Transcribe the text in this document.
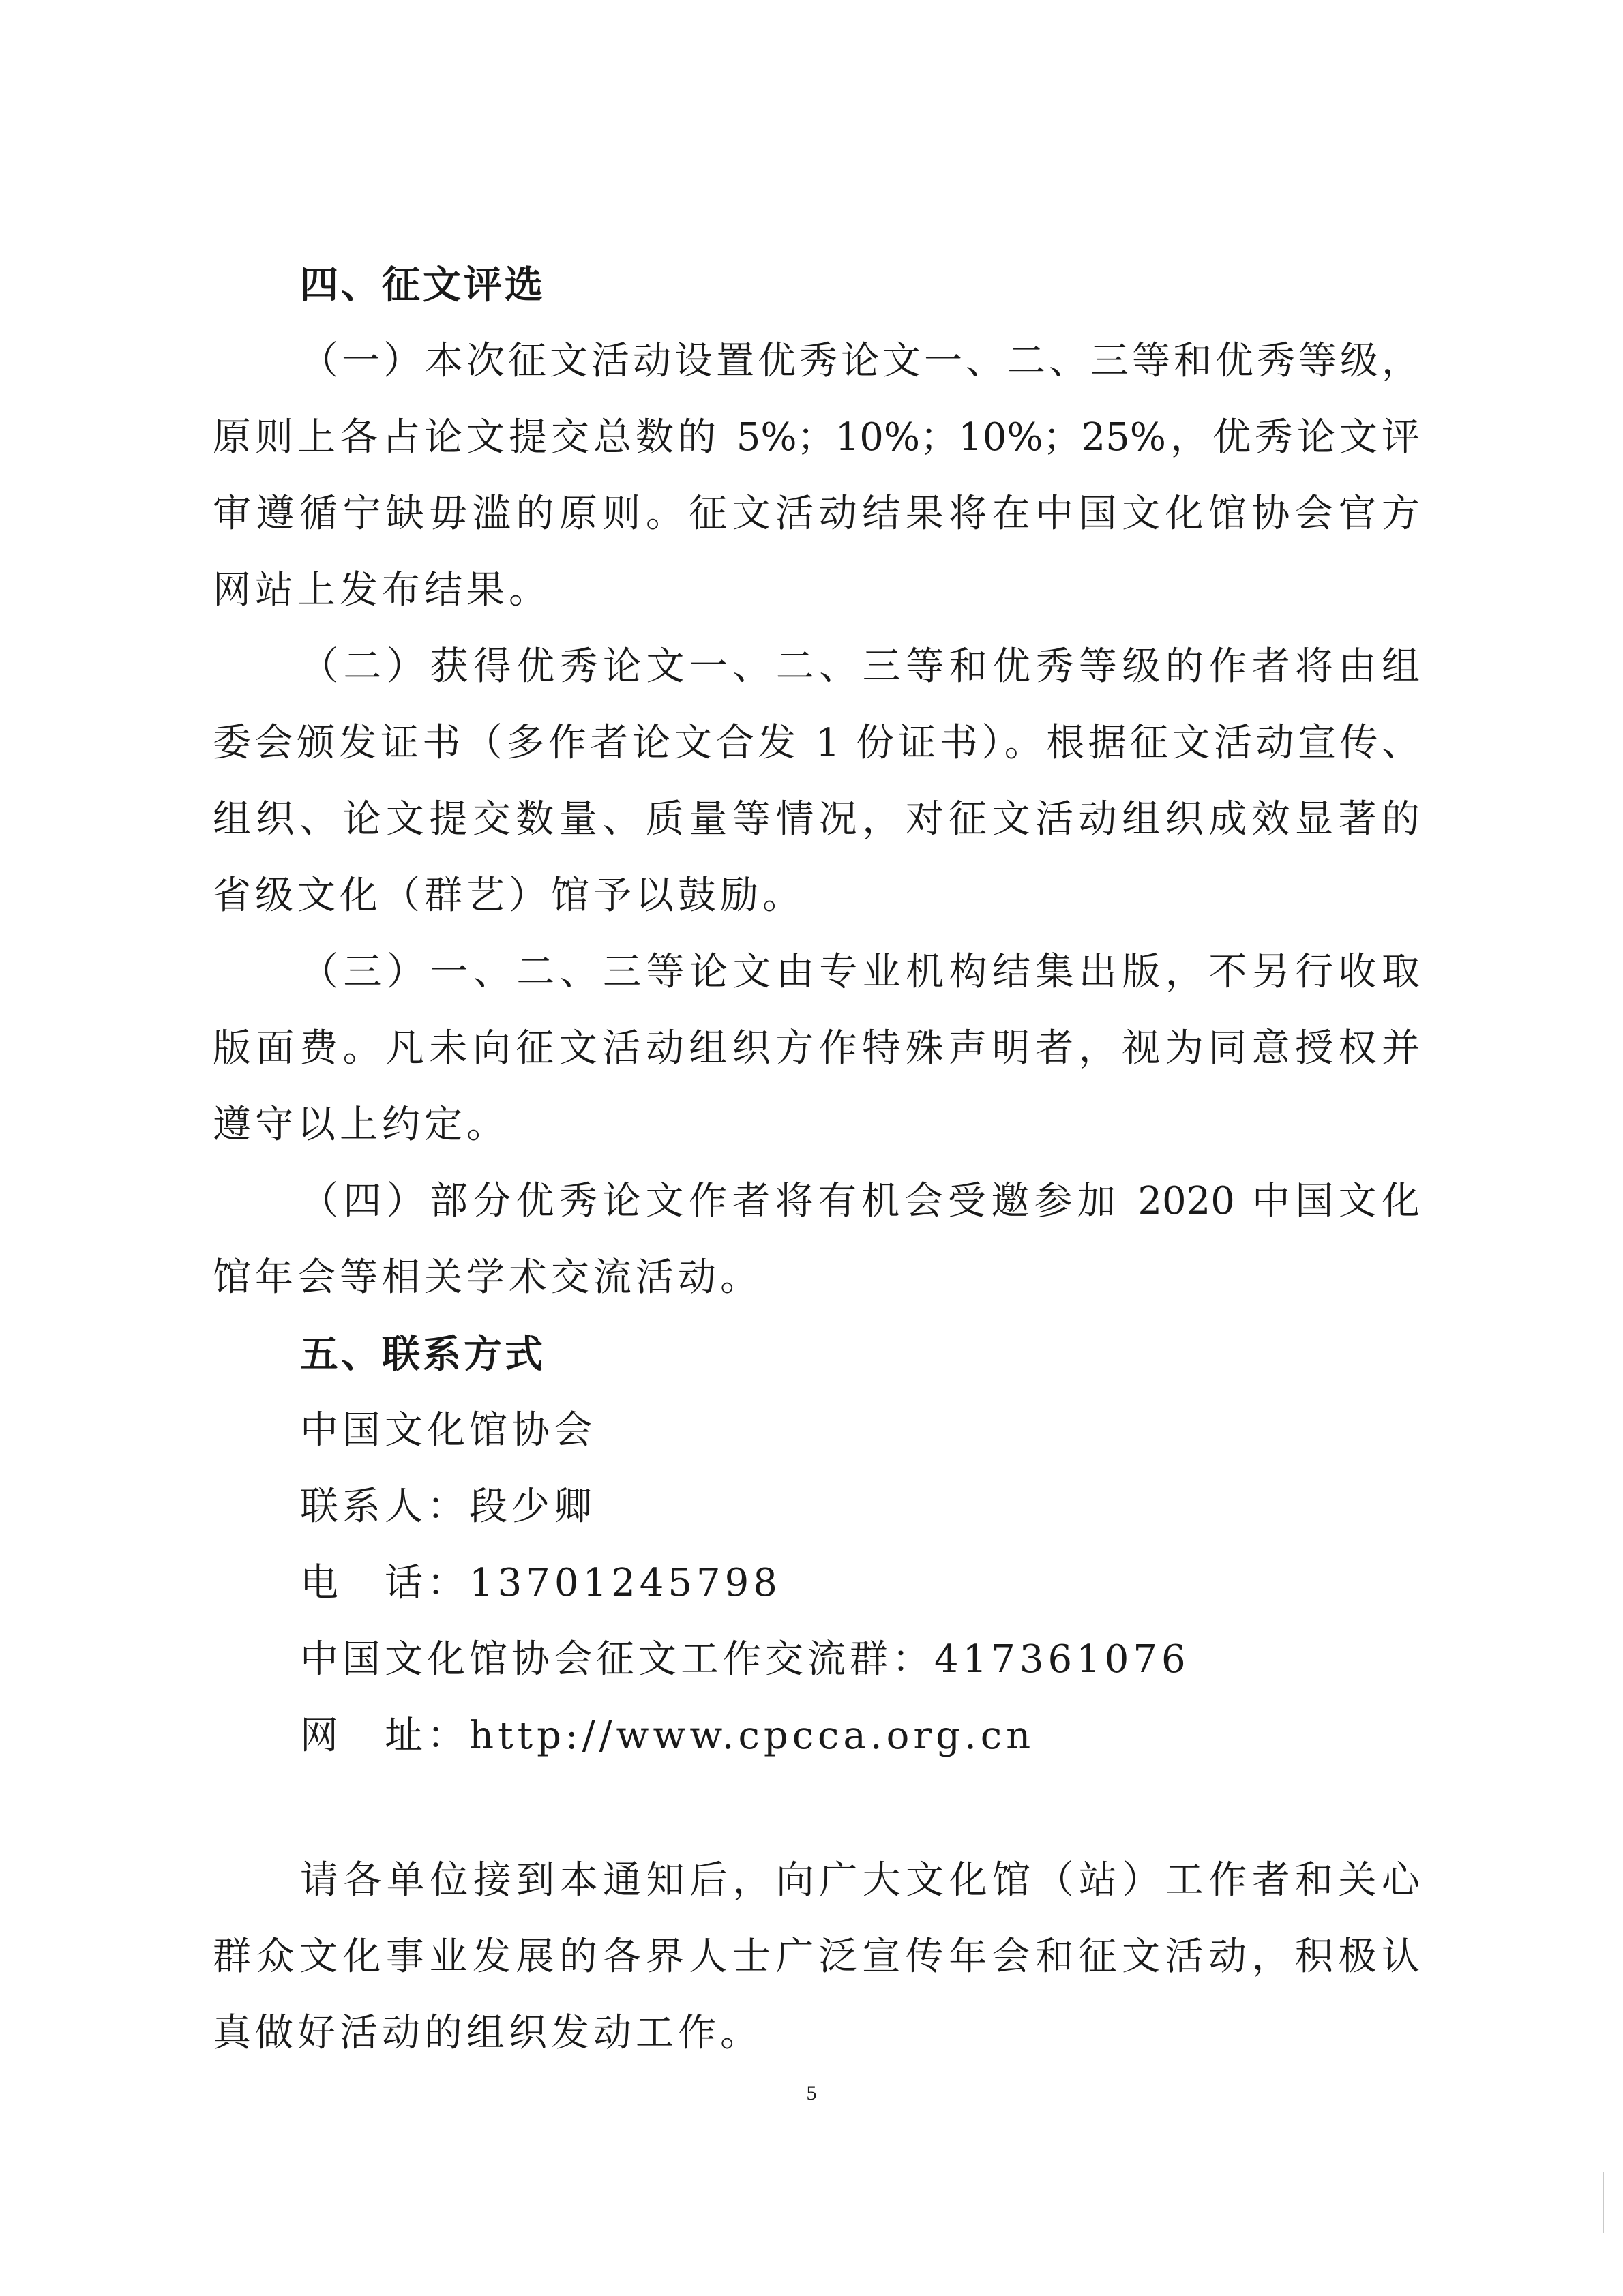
四、征文评选
（一）本次征文活动设置优秀论文一、二、三等和优秀等级，
原则上各占论文提交总数的 5%；10%；10%；25%，优秀论文评
审遵循宁缺毋滥的原则。征文活动结果将在中国文化馆协会官方
网站上发布结果。
（二）获得优秀论文一、二、三等和优秀等级的作者将由组
委会颁发证书（多作者论文合发 1 份证书）。根据征文活动宣传、
组织、论文提交数量、质量等情况，对征文活动组织成效显著的
省级文化（群艺）馆予以鼓励。
（三）一、二、三等论文由专业机构结集出版，不另行收取
版面费。凡未向征文活动组织方作特殊声明者，视为同意授权并
遵守以上约定。
（四）部分优秀论文作者将有机会受邀参加 2020 中国文化
馆年会等相关学术交流活动。
五、联系方式
中国文化馆协会
联系人：段少卿
电　话：13701245798
中国文化馆协会征文工作交流群：417361076
网　址：http://www.cpcca.org.cn
请各单位接到本通知后，向广大文化馆（站）工作者和关心
群众文化事业发展的各界人士广泛宣传年会和征文活动，积极认
真做好活动的组织发动工作。
5
